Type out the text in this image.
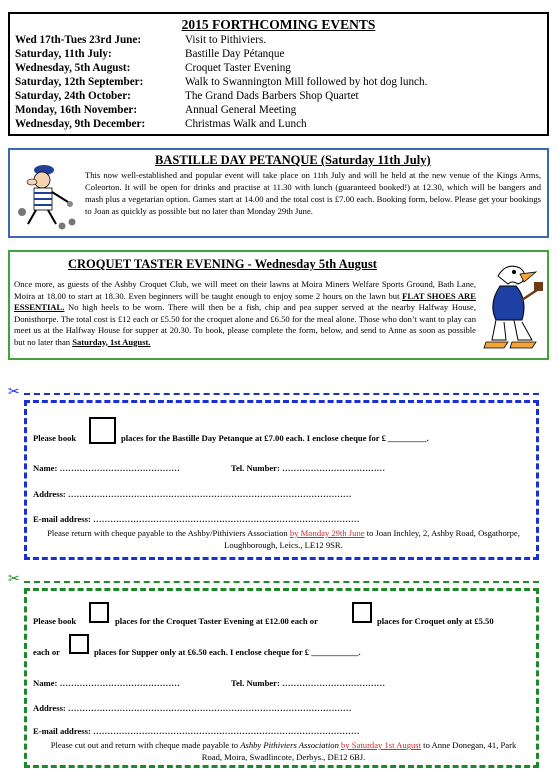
2015 FORTHCOMING EVENTS
Wed 17th-Tues 23rd June:	Visit to Pithiviers.
Saturday, 11th July:	Bastille Day Pétanque
Wednesday, 5th August:	Croquet Taster Evening
Saturday, 12th September:	Walk to Swannington Mill followed by hot dog lunch.
Saturday, 24th October:	The Grand Dads Barbers Shop Quartet
Monday, 16th November:	Annual General Meeting
Wednesday, 9th December:	Christmas Walk and Lunch
BASTILLE DAY PETANQUE (Saturday 11th July)
This now well-established and popular event will take place on 11th July and will be held at the new venue of the Kings Arms, Coleorton. It will be open for drinks and practise at 11.30 with lunch (guaranteed booked!) at 12.30, which will be bangers and mash plus a vegetarian option. Games start at 14.00 and the total cost is £7.00 each. Booking form, below. Please get your bookings to Joan as quickly as possible but no later than Monday 29th June.
CROQUET TASTER EVENING - Wednesday 5th August
Once more, as guests of the Ashby Croquet Club, we will meet on their lawns at Moira Miners Welfare Sports Ground, Bath Lane, Moira at 18.00 to start at 18.30. Even beginners will be taught enough to enjoy some 2 hours on the lawn but FLAT SHOES ARE ESSENTIAL. No high heels to be worn. There will then be a fish, chip and pea supper served at the nearby Halfway House, Donisthorpe. The total cost is £12 each or £5.50 for the croquet alone and £6.50 for the meal alone. Those who don’t want to play can meet us at the Halfway House for supper at 20.30. To book, please complete the form, below, and send to Anne as soon as possible but no later than Saturday, 1st August.
✂
Please book	places for the Bastille Day Petanque at £7.00 each. I enclose cheque for £ _________.
Name: ……………………………………	Tel. Number: ………………………………
Address: ………………………………………………………………………………………
E-mail address: …………………………………………………………………………………
Please return with cheque payable to the Ashby/Pithiviers Association by Monday 29th June to Joan Inchley, 2, Ashby Road, Osgathorpe, Loughborough, Leics., LE12 9SR.
✂
Please book	places for the Croquet Taster Evening at £12.00 each or	places for Croquet only at £5.50
each or	places for Supper only at £6.50 each. I enclose cheque for £ ___________.
Name: ……………………………………	Tel. Number: ………………………………
Address: ………………………………………………………………………………………
E-mail address: …………………………………………………………………………………
Please cut out and return with cheque made payable to Ashby Pithiviers Association by Saturday 1st August to Anne Donegan, 41, Park Road, Moira, Swadlincote, Derbys., DE12 6BJ.
